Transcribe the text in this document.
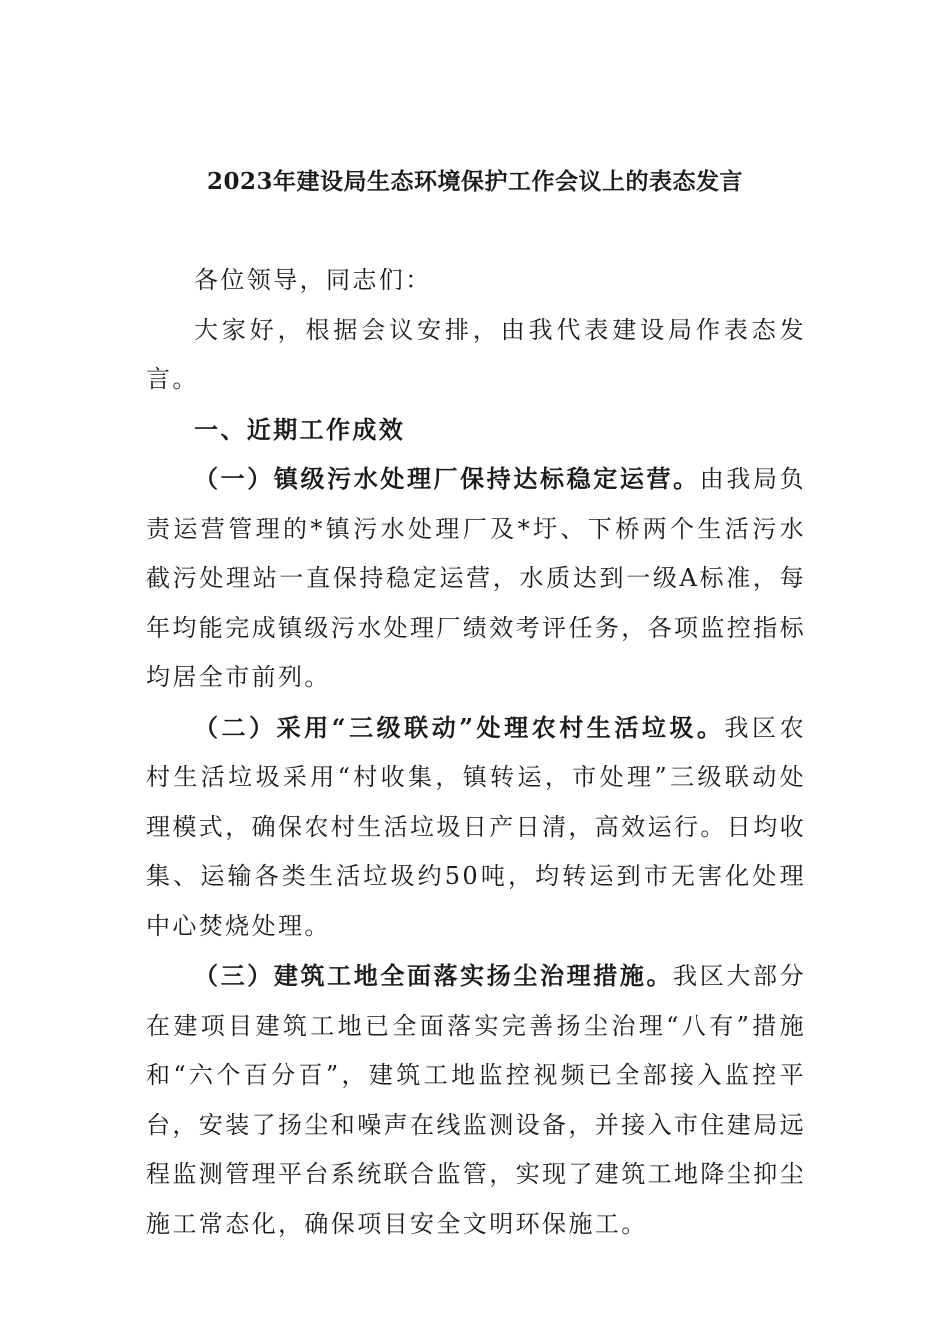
2023年建设局生态环境保护工作会议上的表态发言

各位领导，同志们：

大家好，根据会议安排，由我代表建设局作表态发言。

一、近期工作成效

（一）镇级污水处理厂保持达标稳定运营。由我局负责运营管理的*镇污水处理厂及*圩、下桥两个生活污水截污处理站一直保持稳定运营，水质达到一级A标准，每年均能完成镇级污水处理厂绩效考评任务，各项监控指标均居全市前列。

（二）采用“三级联动”处理农村生活垃圾。我区农村生活垃圾采用“村收集，镇转运，市处理”三级联动处理模式，确保农村生活垃圾日产日清，高效运行。日均收集、运输各类生活垃圾约50吨，均转运到市无害化处理中心焚烧处理。

（三）建筑工地全面落实扬尘治理措施。我区大部分在建项目建筑工地已全面落实完善扬尘治理“八有”措施和“六个百分百”，建筑工地监控视频已全部接入监控平台，安装了扬尘和噪声在线监测设备，并接入市住建局远程监测管理平台系统联合监管，实现了建筑工地降尘抑尘施工常态化，确保项目安全文明环保施工。
